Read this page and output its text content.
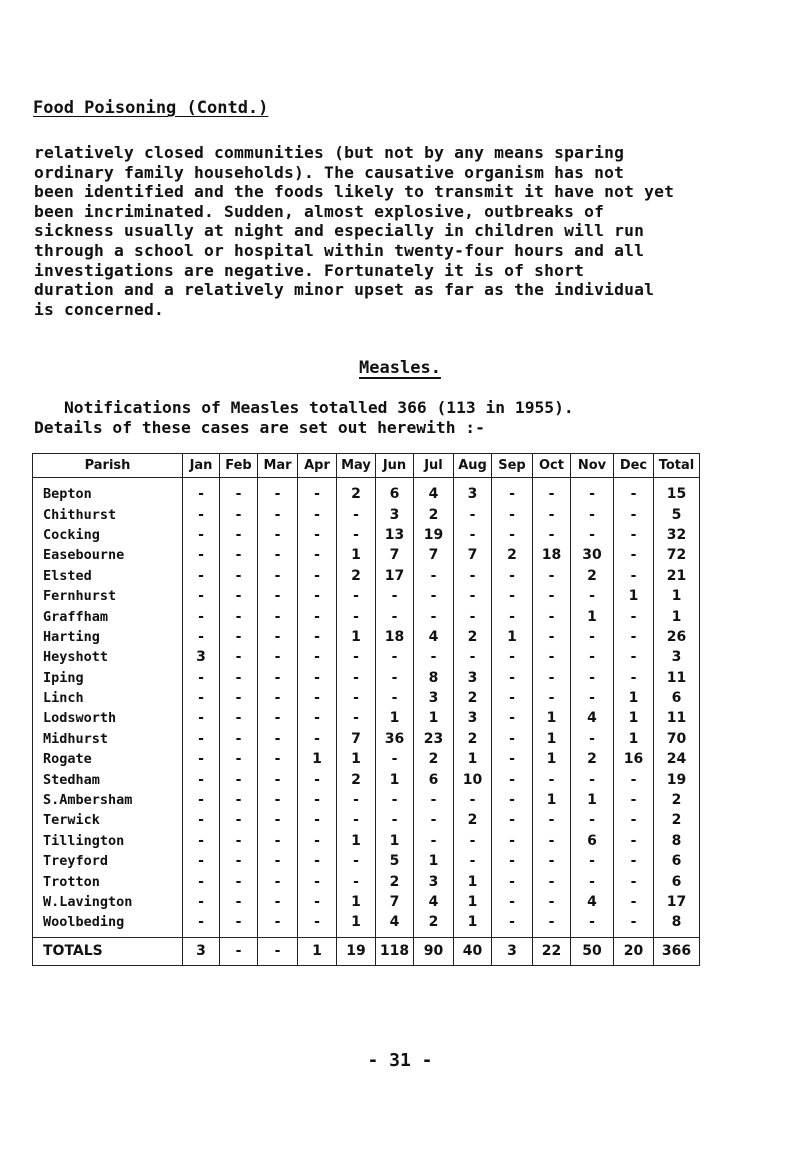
Food Poisoning (Contd.)
relatively closed communities (but not by any means sparing
ordinary family households). The causative organism has not
been identified and the foods likely to transmit it have not yet
been incriminated. Sudden, almost explosive, outbreaks of
sickness usually at night and especially in children will run
through a school or hospital within twenty-four hours and all
investigations are negative. Fortunately it is of short
duration and a relatively minor upset as far as the individual
is concerned.
Measles.
Notifications of Measles totalled 366 (113 in 1955).
Details of these cases are set out herewith :-
Parish	Jan	Feb	Mar	Apr	May	Jun	Jul	Aug	Sep	Oct	Nov	Dec	Total
Bepton	-	-	-	-	2	6	4	3	-	-	-	-	15
Chithurst	-	-	-	-	-	3	2	-	-	-	-	-	5
Cocking	-	-	-	-	-	13	19	-	-	-	-	-	32
Easebourne	-	-	-	-	1	7	7	7	2	18	30	-	72
Elsted	-	-	-	-	2	17	-	-	-	-	2	-	21
Fernhurst	-	-	-	-	-	-	-	-	-	-	-	1	1
Graffham	-	-	-	-	-	-	-	-	-	-	1	-	1
Harting	-	-	-	-	1	18	4	2	1	-	-	-	26
Heyshott	3	-	-	-	-	-	-	-	-	-	-	-	3
Iping	-	-	-	-	-	-	8	3	-	-	-	-	11
Linch	-	-	-	-	-	-	3	2	-	-	-	1	6
Lodsworth	-	-	-	-	-	1	1	3	-	1	4	1	11
Midhurst	-	-	-	-	7	36	23	2	-	1	-	1	70
Rogate	-	-	-	1	1	-	2	1	-	1	2	16	24
Stedham	-	-	-	-	2	1	6	10	-	-	-	-	19
S.Ambersham	-	-	-	-	-	-	-	-	-	1	1	-	2
Terwick	-	-	-	-	-	-	-	2	-	-	-	-	2
Tillington	-	-	-	-	1	1	-	-	-	-	6	-	8
Treyford	-	-	-	-	-	5	1	-	-	-	-	-	6
Trotton	-	-	-	-	-	2	3	1	-	-	-	-	6
W.Lavington	-	-	-	-	1	7	4	1	-	-	4	-	17
Woolbeding	-	-	-	-	1	4	2	1	-	-	-	-	8
TOTALS	3	-	-	1	19	118	90	40	3	22	50	20	366
- 31 -
